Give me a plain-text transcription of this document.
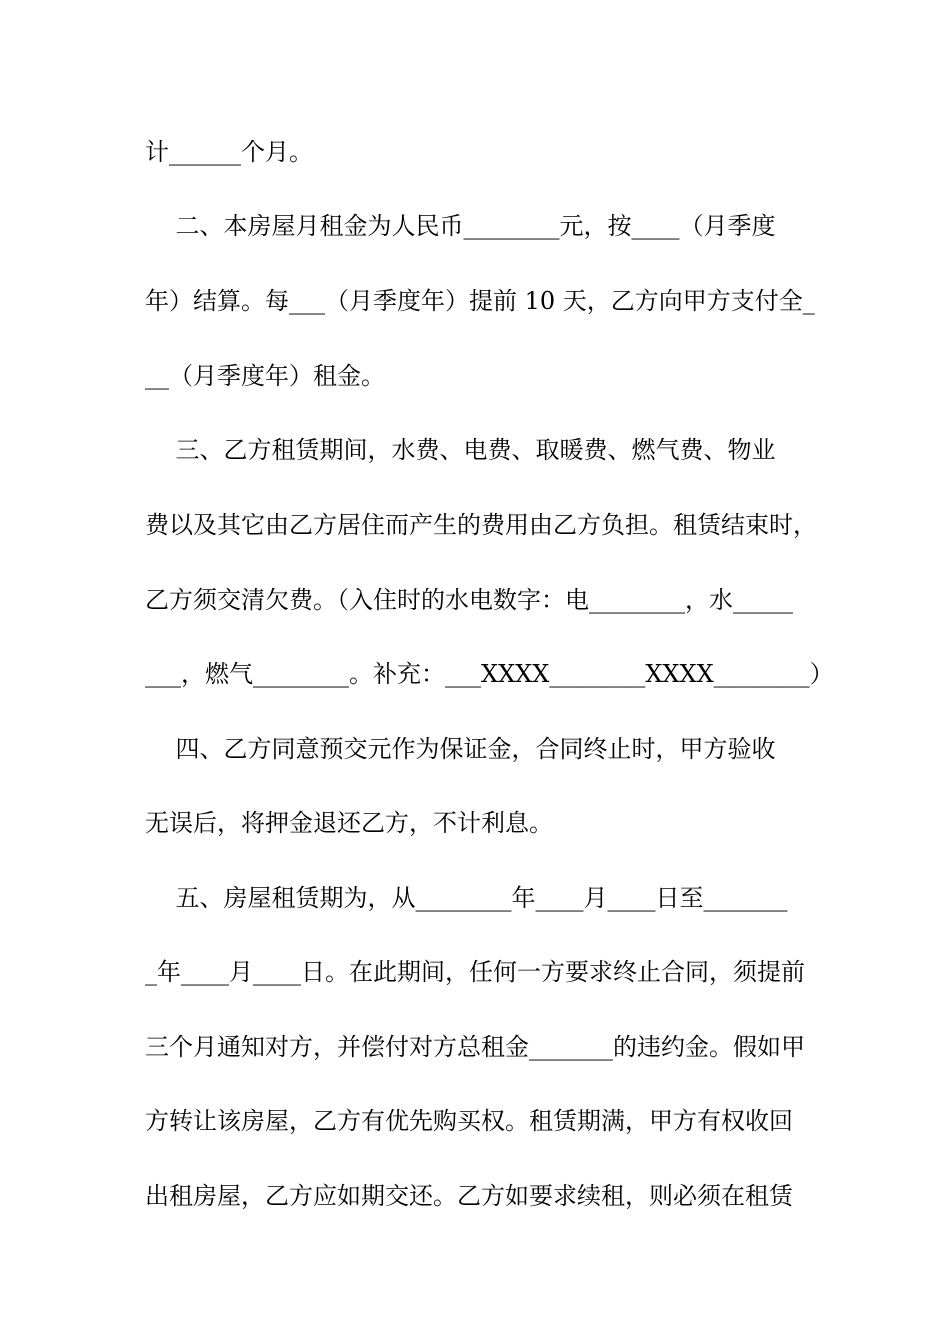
计______个月。

二、本房屋月租金为人民币________元，按____（月季度

年）结算。每___（月季度年）提前 10 天，乙方向甲方支付全_

__（月季度年）租金。

三、乙方租赁期间，水费、电费、取暖费、燃气费、物业

费以及其它由乙方居住而产生的费用由乙方负担。租赁结束时，

乙方须交清欠费。（入住时的水电数字：电________，水_____

___，燃气________。补充：___XXXX________XXXX________）

四、乙方同意预交元作为保证金，合同终止时，甲方验收

无误后，将押金退还乙方，不计利息。

五、房屋租赁期为，从________年____月____日至_______

_年____月____日。在此期间，任何一方要求终止合同，须提前

三个月通知对方，并偿付对方总租金_______的违约金。假如甲

方转让该房屋，乙方有优先购买权。租赁期满，甲方有权收回

出租房屋，乙方应如期交还。乙方如要求续租，则必须在租赁
